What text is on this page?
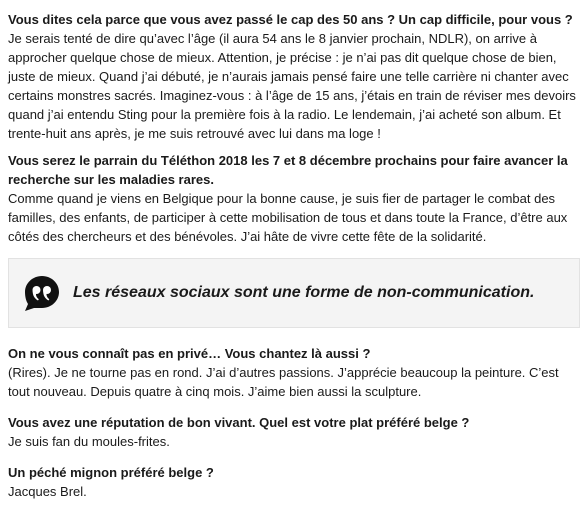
Vous dites cela parce que vous avez passé le cap des 50 ans ? Un cap difficile, pour vous ?

Je serais tenté de dire qu’avec l’âge (il aura 54 ans le 8 janvier prochain, NDLR), on arrive à approcher quelque chose de mieux. Attention, je précise : je n’ai pas dit quelque chose de bien, juste de mieux. Quand j’ai débuté, je n’aurais jamais pensé faire une telle carrière ni chanter avec certains monstres sacrés. Imaginez-vous : à l’âge de 15 ans, j’étais en train de réviser mes devoirs quand j’ai entendu Sting pour la première fois à la radio. Le lendemain, j’ai acheté son album. Et trente-huit ans après, je me suis retrouvé avec lui dans ma loge !

Vous serez le parrain du Téléthon 2018 les 7 et 8 décembre prochains pour faire avancer la recherche sur les maladies rares.

Comme quand je viens en Belgique pour la bonne cause, je suis fier de partager le combat des familles, des enfants, de participer à cette mobilisation de tous et dans toute la France, d’être aux côtés des chercheurs et des bénévoles. J’ai hâte de vivre cette fête de la solidarité.

Les réseaux sociaux sont une forme de non-communication.

On ne vous connaît pas en privé… Vous chantez là aussi ?

(Rires). Je ne tourne pas en rond. J’ai d’autres passions. J’apprécie beaucoup la peinture. C’est tout nouveau. Depuis quatre à cinq mois. J’aime bien aussi la sculpture.

Vous avez une réputation de bon vivant. Quel est votre plat préféré belge ?

Je suis fan du moules-frites.

Un péché mignon préféré belge ?

Jacques Brel.
